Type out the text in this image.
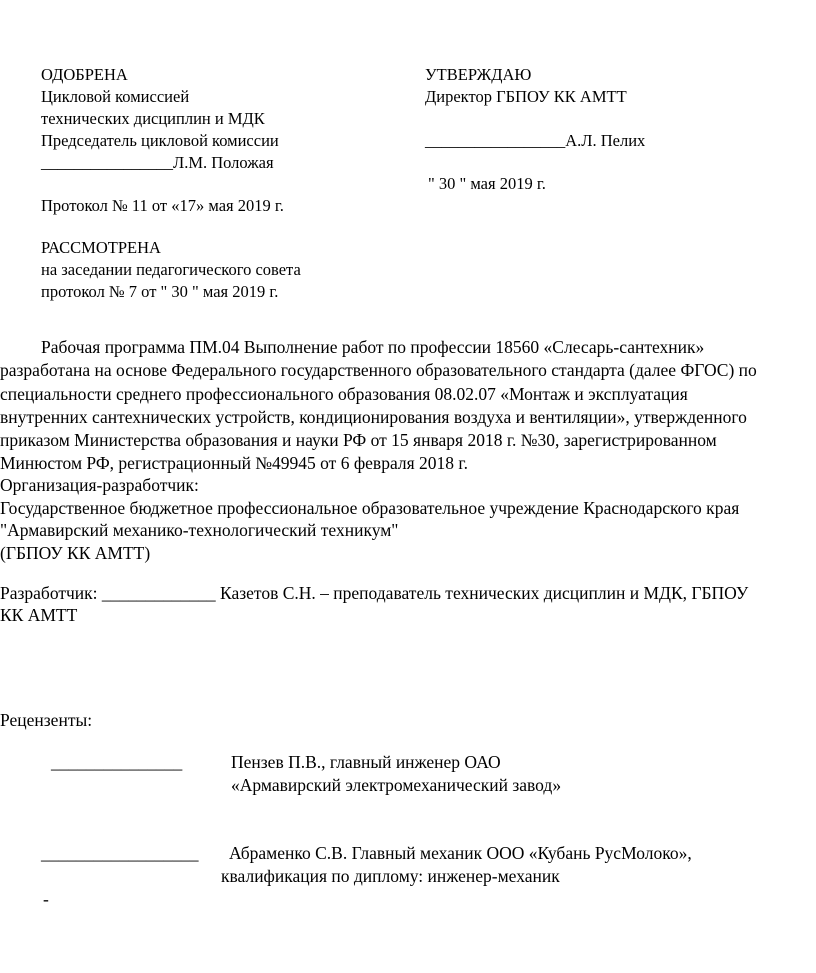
ОДОБРЕНА
Цикловой комиссией
технических дисциплин и МДК
Председатель цикловой комиссии
________________Л.М. Положая
Протокол № 11 от «17» мая 2019 г.
РАССМОТРЕНА
на заседании педагогического совета
протокол № 7 от " 30 " мая 2019 г.
УТВЕРЖДАЮ
Директор ГБПОУ КК АМТТ
_________________А.Л. Пелих
" 30 " мая 2019 г.
Рабочая программа ПМ.04 Выполнение работ по профессии 18560 «Слесарь-сантехник»
разработана на основе Федерального государственного образовательного стандарта (далее ФГОС) по
специальности среднего профессионального образования 08.02.07 «Монтаж и эксплуатация
внутренних сантехнических устройств, кондиционирования воздуха и вентиляции», утвержденного
приказом Министерства образования и науки РФ от 15 января 2018 г. №30, зарегистрированном
Минюстом РФ, регистрационный №49945 от 6 февраля 2018 г.
Организация-разработчик:
Государственное бюджетное профессиональное образовательное учреждение Краснодарского края
"Армавирский механико-технологический техникум"
(ГБПОУ КК АМТТ)
Разработчик: _____________ Казетов С.Н. – преподаватель технических дисциплин и МДК, ГБПОУ
КК АМТТ
Рецензенты:
_______________	Пензев П.В., главный инженер ОАО
«Армавирский электромеханический завод»
__________________ Абраменко С.В. Главный механик ООО «Кубань РусМолоко»,
квалификация по диплому: инженер-механик
-
